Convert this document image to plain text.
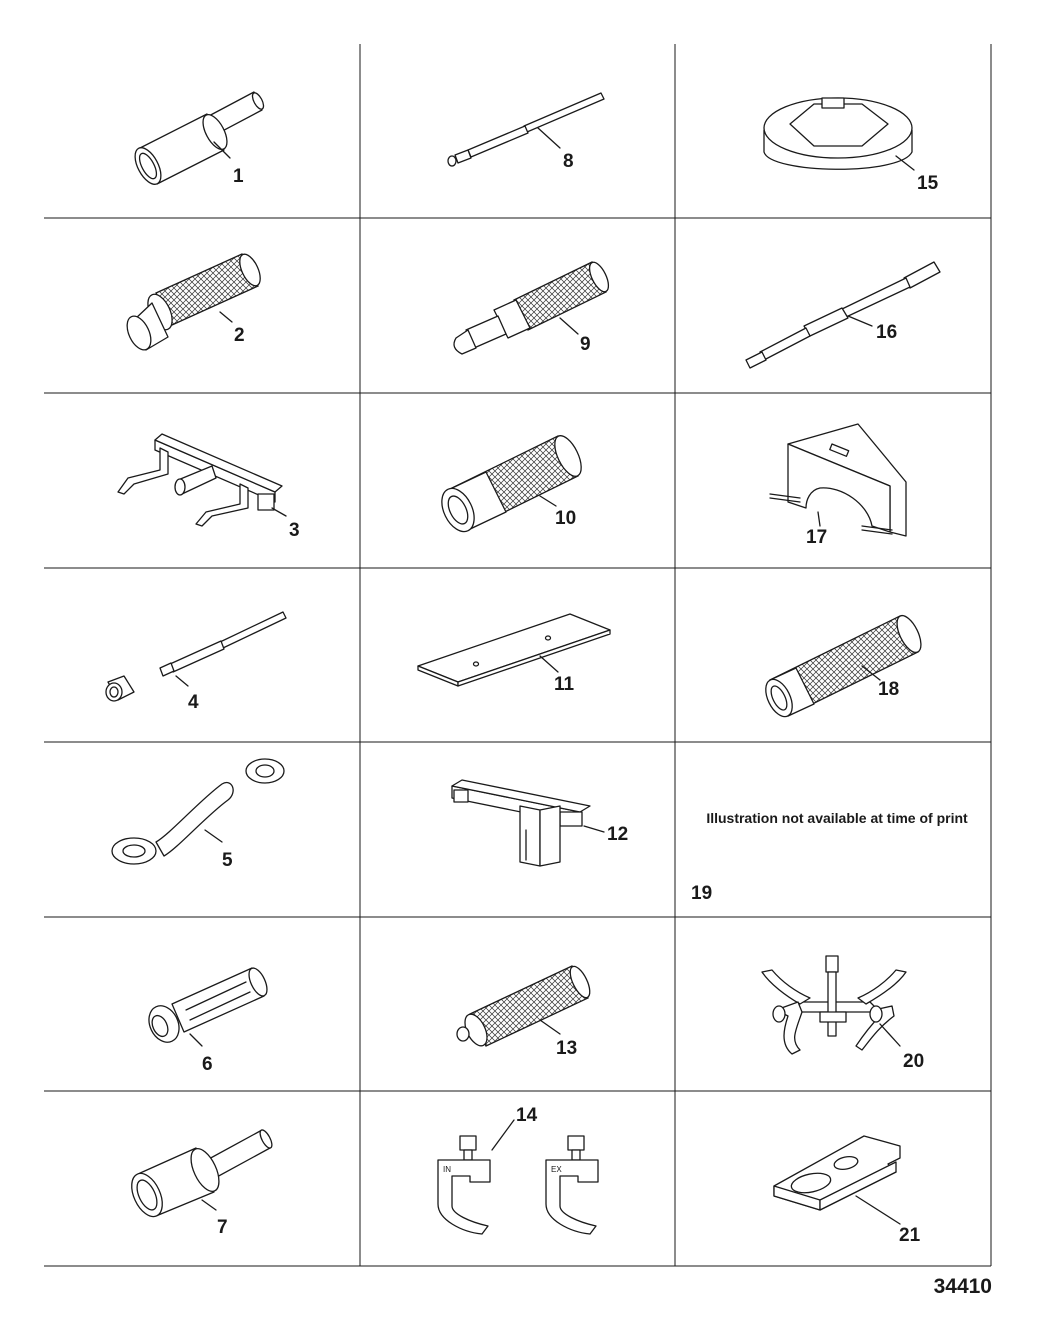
1
2
3
4
5
6
7
8
9
10
11
12
13
IN	EX
14
15
16
17
18
Illustration not available at time of print
19
20
21
34410
